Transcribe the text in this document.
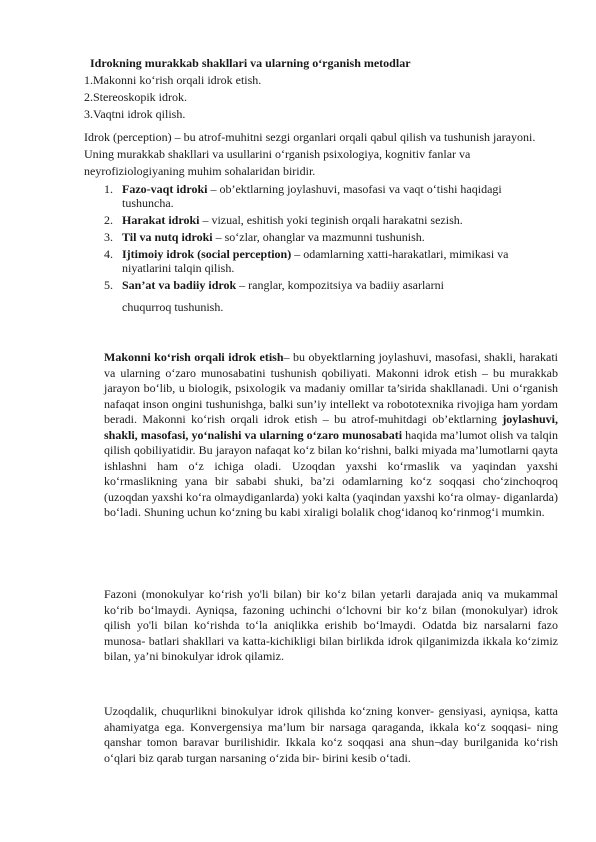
Idrokning murakkab shakllari va ularning o‘rganish metodlar
1.Makonni ko‘rish orqali idrok etish.
2.Stereoskopik idrok.
3.Vaqtni idrok qilish.
Idrok (perception) – bu atrof-muhitni sezgi organlari orqali qabul qilish va tushunish jarayoni. Uning murakkab shakllari va usullarini o‘rganish psixologiya, kognitiv fanlar va neyrofiziologiyaning muhim sohalaridan biridir.
1. Fazo-vaqt idroki – ob’ektlarning joylashuvi, masofasi va vaqt o‘tishi haqidagi tushuncha.
2. Harakat idroki – vizual, eshitish yoki teginish orqali harakatni sezish.
3. Til va nutq idroki – so‘zlar, ohanglar va mazmunni tushunish.
4. Ijtimoiy idrok (social perception) – odamlarning xatti-harakatlari, mimikasi va niyatlarini talqin qilish.
5. San’at va badiiy idrok – ranglar, kompozitsiya va badiiy asarlarni
chuqurroq tushunish.
Makonni ko‘rish orqali idrok etish– bu obyektlarning joylashuvi, masofasi, shakli, harakati va ularning o‘zaro munosabatini tushunish qobiliyati. Makonni idrok etish – bu murakkab jarayon bo‘lib, u biologik, psixologik va madaniy omillar ta’sirida shakllanadi. Uni o‘rganish nafaqat inson ongini tushunishga, balki sun’iy intellekt va robototexnika rivojiga ham yordam beradi. Makonni ko‘rish orqali idrok etish – bu atrof-muhitdagi ob’ektlarning joylashuvi, shakli, masofasi, yo‘nalishi va ularning o‘zaro munosabati haqida ma’lumot olish va talqin qilish qobiliyatidir. Bu jarayon nafaqat ko‘z bilan ko‘rishni, balki miyada ma’lumotlarni qayta ishlashni ham o‘z ichiga oladi. Uzoqdan yaxshi ko‘rmaslik va yaqindan yaxshi ko‘rmaslikning yana bir sababi shuki, ba’zi odamlarning ko‘z soqqasi cho‘zinchoqroq (uzoqdan yaxshi ko‘ra olmaydiganlarda) yoki kalta (yaqindan yaxshi ko‘ra olmay- diganlarda) bo‘ladi. Shuning uchun ko‘zning bu kabi xiraligi bolalik chog‘idanoq ko‘rinmog‘i mumkin.
Fazoni (monokulyar ko‘rish yo'li bilan) bir ko‘z bilan yetarli darajada aniq va mukammal ko‘rib bo‘lmaydi. Ayniqsa, fazoning uchinchi o‘lchovni bir ko‘z bilan (monokulyar) idrok qilish yo'li bilan ko‘rishda to‘la aniqlikka erishib bo‘lmaydi. Odatda biz narsalarni fazo munosa- batlari shakllari va katta-kichikligi bilan birlikda idrok qilganimizda ikkala ko‘zimiz bilan, ya’ni binokulyar idrok qilamiz.
Uzoqdalik, chuqurlikni binokulyar idrok qilishda ko‘zning konver- gensiyasi, ayniqsa, katta ahamiyatga ega. Konvergensiya ma’lum bir narsaga qaraganda, ikkala ko‘z soqqasi- ning qanshar tomon baravar burilishidir. Ikkala ko‘z soqqasi ana shun¬day burilganida ko‘rish o‘qlari biz qarab turgan narsaning o‘zida bir- birini kesib o‘tadi.
